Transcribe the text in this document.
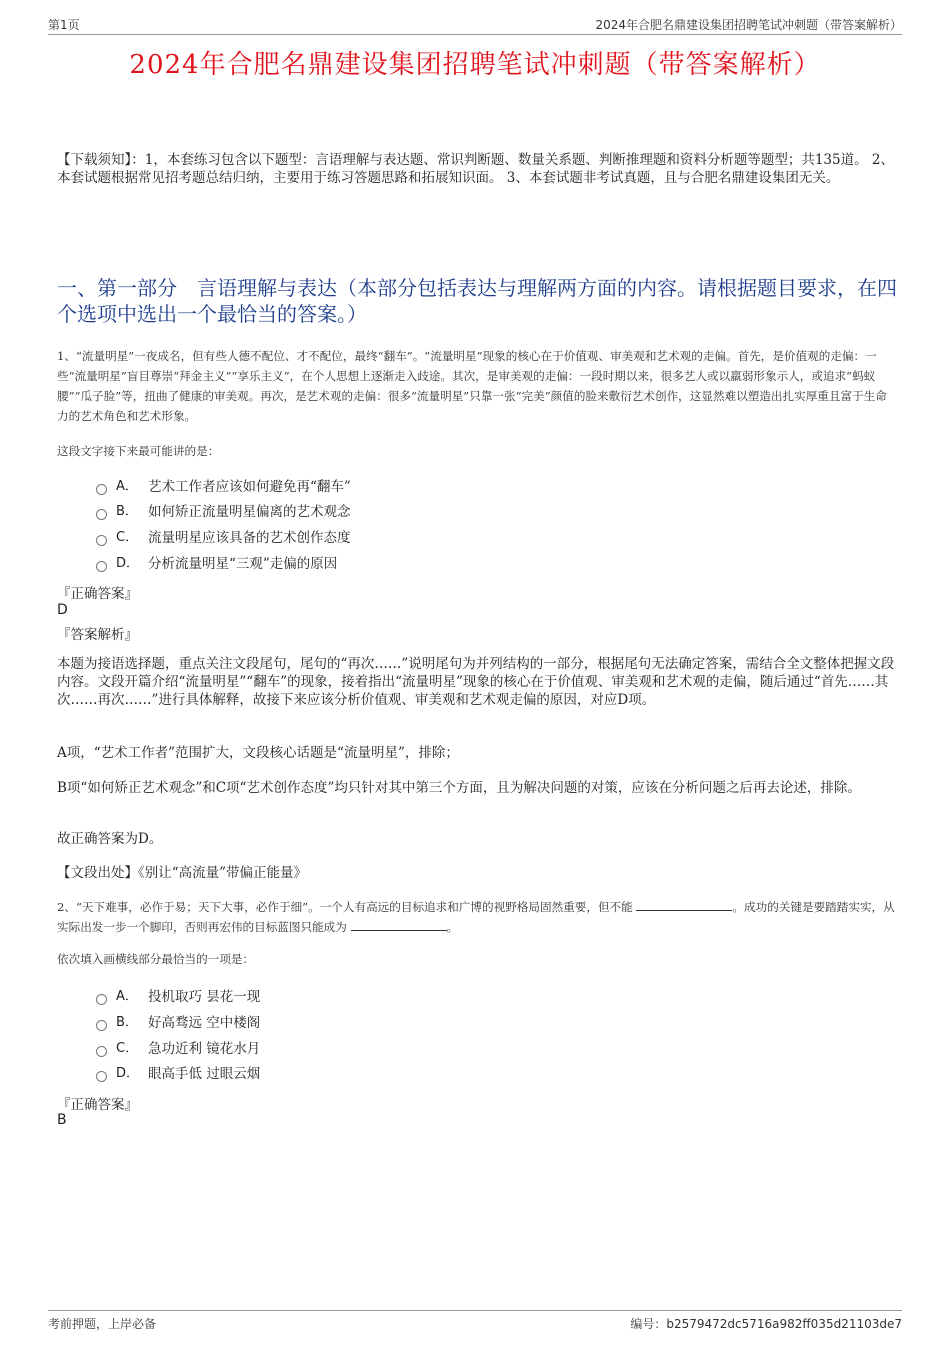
第1页	2024年合肥名鼎建设集团招聘笔试冲刺题（带答案解析）
2024年合肥名鼎建设集团招聘笔试冲刺题（带答案解析）
【下载须知】：1，本套练习包含以下题型：言语理解与表达题、常识判断题、数量关系题、判断推理题和资料分析题等题型；共135道。 2、本套试题根据常见招考题总结归纳，主要用于练习答题思路和拓展知识面。 3、本套试题非考试真题，且与合肥名鼎建设集团无关。
一、第一部分　言语理解与表达（本部分包括表达与理解两方面的内容。请根据题目要求，在四个选项中选出一个最恰当的答案。）
1、“流量明星”一夜成名，但有些人德不配位、才不配位，最终“翻车”。“流量明星”现象的核心在于价值观、审美观和艺术观的走偏。首先，是价值观的走偏：一些“流量明星”盲目尊崇“拜金主义”“享乐主义”，在个人思想上逐渐走入歧途。其次，是审美观的走偏：一段时期以来，很多艺人或以羸弱形象示人，或追求“蚂蚁腰”“瓜子脸”等，扭曲了健康的审美观。再次，是艺术观的走偏：很多“流量明星”只靠一张“完美”颜值的脸来敷衍艺术创作，这显然难以塑造出扎实厚重且富于生命力的艺术角色和艺术形象。
这段文字接下来最可能讲的是：
A． 艺术工作者应该如何避免再“翻车”
B． 如何矫正流量明星偏离的艺术观念
C． 流量明星应该具备的艺术创作态度
D． 分析流量明星“三观”走偏的原因
『正确答案』
D
『答案解析』
本题为接语选择题，重点关注文段尾句，尾句的“再次……”说明尾句为并列结构的一部分，根据尾句无法确定答案，需结合全文整体把握文段内容。文段开篇介绍“流量明星”“翻车”的现象，接着指出“流量明星”现象的核心在于价值观、审美观和艺术观的走偏，随后通过“首先……其次……再次……”进行具体解释，故接下来应该分析价值观、审美观和艺术观走偏的原因，对应D项。
A项，“艺术工作者”范围扩大，文段核心话题是“流量明星”，排除；
B项“如何矫正艺术观念”和C项“艺术创作态度”均只针对其中第三个方面，且为解决问题的对策，应该在分析问题之后再去论述，排除。
故正确答案为D。
【文段出处】《别让“高流量”带偏正能量》
2、“天下难事，必作于易；天下大事，必作于细”。一个人有高远的目标追求和广博的视野格局固然重要，但不能	。成功的关键是要踏踏实实，从实际出发一步一个脚印，否则再宏伟的目标蓝图只能成为	。
依次填入画横线部分最恰当的一项是：
A． 投机取巧 昙花一现
B． 好高骛远 空中楼阁
C． 急功近利 镜花水月
D． 眼高手低 过眼云烟
『正确答案』
B
考前押题，上岸必备	编号：b2579472dc5716a982ff035d21103de7
